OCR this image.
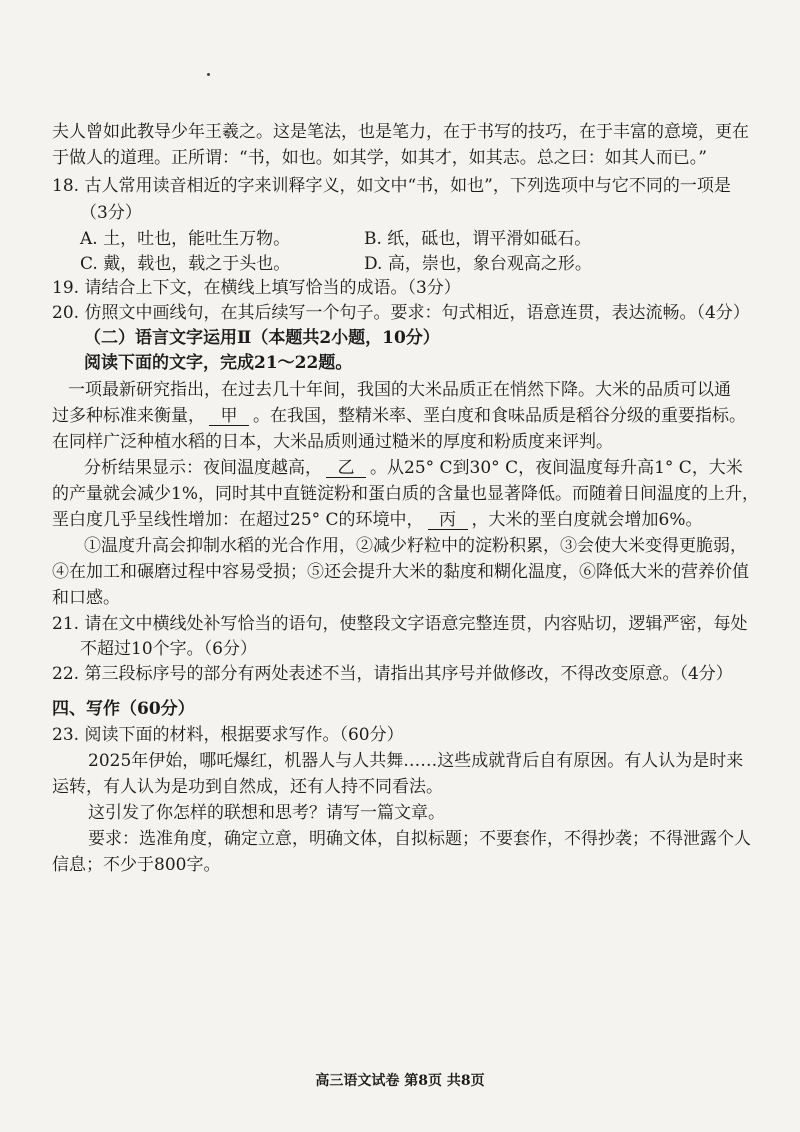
夫人曾如此教导少年王羲之。这是笔法，也是笔力，在于书写的技巧，在于丰富的意境，更在
于做人的道理。正所谓：“书，如也。如其学，如其才，如其志。总之曰：如其人而已。”
18. 古人常用读音相近的字来训释字义，如文中“书，如也”，下列选项中与它不同的一项是
（3分）
A. 土，吐也，能吐生万物。	B. 纸，砥也，谓平滑如砥石。
C. 戴，载也，载之于头也。	D. 高，崇也，象台观高之形。
19. 请结合上下文，在横线上填写恰当的成语。（3分）
20. 仿照文中画线句，在其后续写一个句子。要求：句式相近，语意连贯，表达流畅。（4分）
（二）语言文字运用Ⅱ（本题共2小题，10分）
阅读下面的文字，完成21～22题。
一项最新研究指出，在过去几十年间，我国的大米品质正在悄然下降。大米的品质可以通
过多种标准来衡量， 甲 。在我国，整精米率、垩白度和食味品质是稻谷分级的重要指标。
在同样广泛种植水稻的日本，大米品质则通过糙米的厚度和粉质度来评判。
分析结果显示：夜间温度越高， 乙 。从25° C到30° C，夜间温度每升高1° C，大米
的产量就会减少1%，同时其中直链淀粉和蛋白质的含量也显著降低。而随着日间温度的上升，
垩白度几乎呈线性增加：在超过25° C的环境中， 丙 ，大米的垩白度就会增加6%。
①温度升高会抑制水稻的光合作用，②减少籽粒中的淀粉积累，③会使大米变得更脆弱，
④在加工和碾磨过程中容易受损；⑤还会提升大米的黏度和糊化温度，⑥降低大米的营养价值
和口感。
21. 请在文中横线处补写恰当的语句，使整段文字语意完整连贯，内容贴切，逻辑严密，每处
不超过10个字。（6分）
22. 第三段标序号的部分有两处表述不当，请指出其序号并做修改，不得改变原意。（4分）
四、写作（60分）
23. 阅读下面的材料，根据要求写作。（60分）
2025年伊始，哪吒爆红，机器人与人共舞……这些成就背后自有原因。有人认为是时来
运转，有人认为是功到自然成，还有人持不同看法。
这引发了你怎样的联想和思考？请写一篇文章。
要求：选准角度，确定立意，明确文体，自拟标题；不要套作，不得抄袭；不得泄露个人
信息；不少于800字。
高三语文试卷 第8页 共8页
